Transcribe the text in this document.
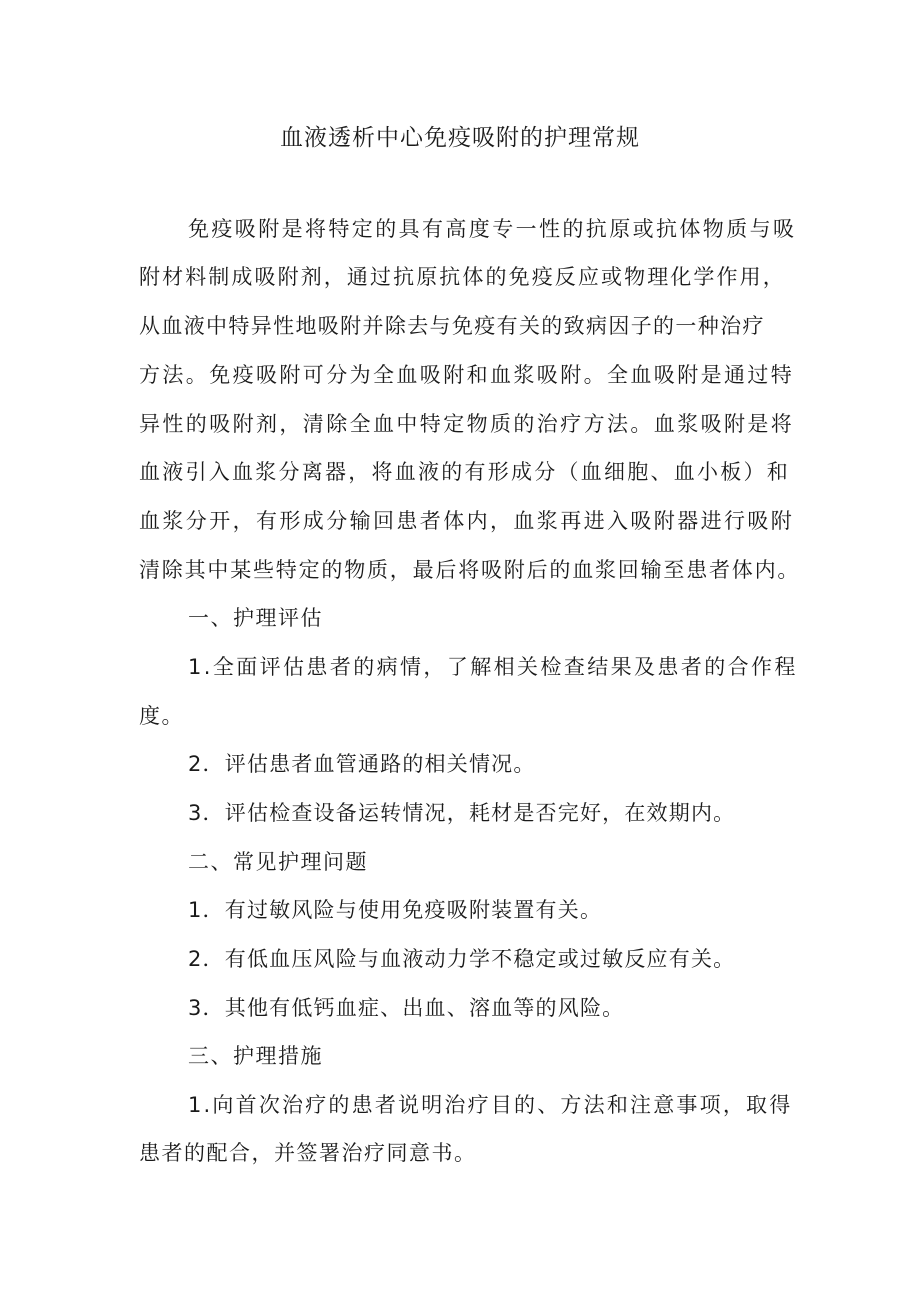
血液透析中心免疫吸附的护理常规
免疫吸附是将特定的具有高度专一性的抗原或抗体物质与吸
附材料制成吸附剂，通过抗原抗体的免疫反应或物理化学作用，
从血液中特异性地吸附并除去与免疫有关的致病因子的一种治疗
方法。免疫吸附可分为全血吸附和血浆吸附。全血吸附是通过特
异性的吸附剂，清除全血中特定物质的治疗方法。血浆吸附是将
血液引入血浆分离器，将血液的有形成分（血细胞、血小板）和
血浆分开，有形成分输回患者体内，血浆再进入吸附器进行吸附
清除其中某些特定的物质，最后将吸附后的血浆回输至患者体内。
一、护理评估
1.全面评估患者的病情，了解相关检查结果及患者的合作程
度。
2．评估患者血管通路的相关情况。
3．评估检查设备运转情况，耗材是否完好，在效期内。
二、常见护理问题
1．有过敏风险与使用免疫吸附装置有关。
2．有低血压风险与血液动力学不稳定或过敏反应有关。
3．其他有低钙血症、出血、溶血等的风险。
三、护理措施
1.向首次治疗的患者说明治疗目的、方法和注意事项，取得
患者的配合，并签署治疗同意书。
